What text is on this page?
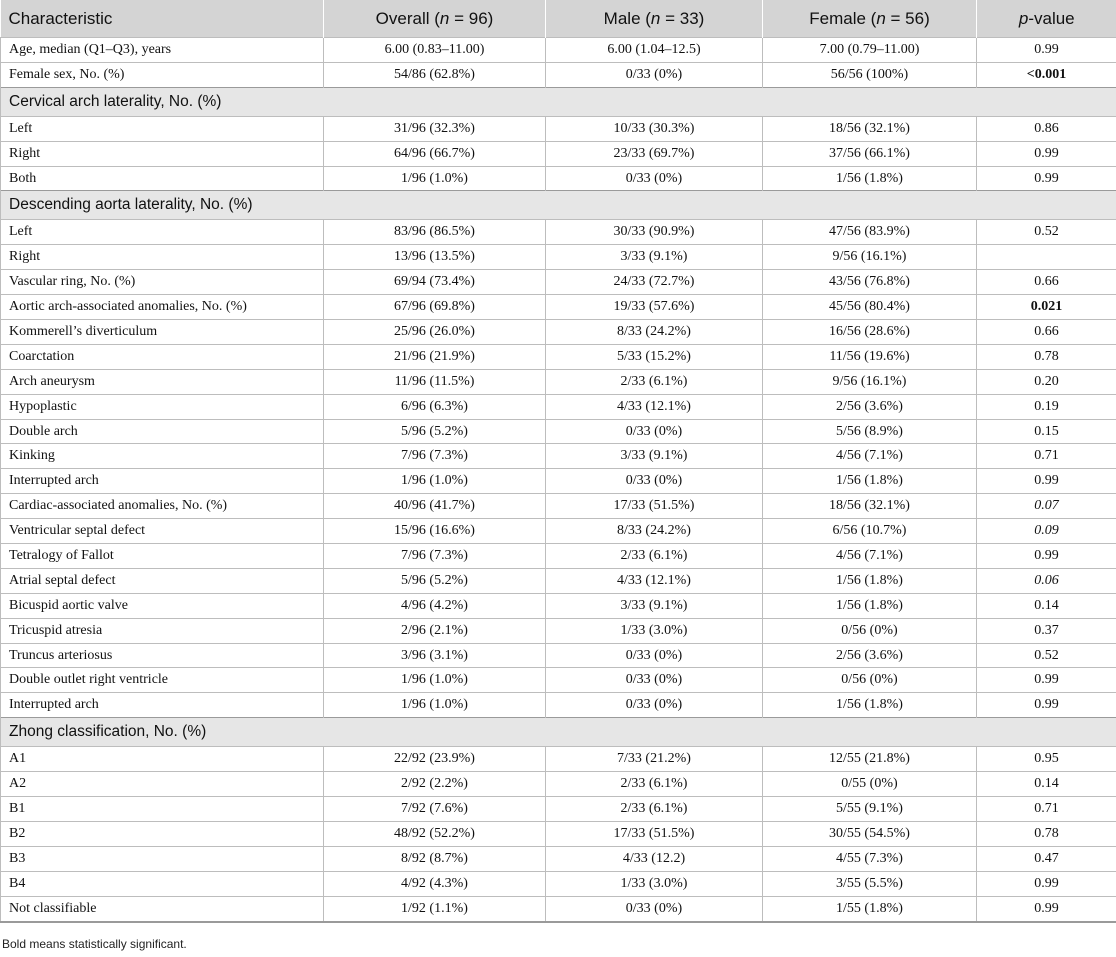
Characteristic	Overall (n = 96)	Male (n = 33)	Female (n = 56)	p-value
Age, median (Q1–Q3), years	6.00 (0.83–11.00)	6.00 (1.04–12.5)	7.00 (0.79–11.00)	0.99
Female sex, No. (%)	54/86 (62.8%)	0/33 (0%)	56/56 (100%)	<0.001
Cervical arch laterality, No. (%)				
Left	31/96 (32.3%)	10/33 (30.3%)	18/56 (32.1%)	0.86
Right	64/96 (66.7%)	23/33 (69.7%)	37/56 (66.1%)	0.99
Both	1/96 (1.0%)	0/33 (0%)	1/56 (1.8%)	0.99
Descending aorta laterality, No. (%)				
Left	83/96 (86.5%)	30/33 (90.9%)	47/56 (83.9%)	0.52
Right	13/96 (13.5%)	3/33 (9.1%)	9/56 (16.1%)	
Vascular ring, No. (%)	69/94 (73.4%)	24/33 (72.7%)	43/56 (76.8%)	0.66
Aortic arch-associated anomalies, No. (%)	67/96 (69.8%)	19/33 (57.6%)	45/56 (80.4%)	0.021
Kommerell’s diverticulum	25/96 (26.0%)	8/33 (24.2%)	16/56 (28.6%)	0.66
Coarctation	21/96 (21.9%)	5/33 (15.2%)	11/56 (19.6%)	0.78
Arch aneurysm	11/96 (11.5%)	2/33 (6.1%)	9/56 (16.1%)	0.20
Hypoplastic	6/96 (6.3%)	4/33 (12.1%)	2/56 (3.6%)	0.19
Double arch	5/96 (5.2%)	0/33 (0%)	5/56 (8.9%)	0.15
Kinking	7/96 (7.3%)	3/33 (9.1%)	4/56 (7.1%)	0.71
Interrupted arch	1/96 (1.0%)	0/33 (0%)	1/56 (1.8%)	0.99
Cardiac-associated anomalies, No. (%)	40/96 (41.7%)	17/33 (51.5%)	18/56 (32.1%)	0.07
Ventricular septal defect	15/96 (16.6%)	8/33 (24.2%)	6/56 (10.7%)	0.09
Tetralogy of Fallot	7/96 (7.3%)	2/33 (6.1%)	4/56 (7.1%)	0.99
Atrial septal defect	5/96 (5.2%)	4/33 (12.1%)	1/56 (1.8%)	0.06
Bicuspid aortic valve	4/96 (4.2%)	3/33 (9.1%)	1/56 (1.8%)	0.14
Tricuspid atresia	2/96 (2.1%)	1/33 (3.0%)	0/56 (0%)	0.37
Truncus arteriosus	3/96 (3.1%)	0/33 (0%)	2/56 (3.6%)	0.52
Double outlet right ventricle	1/96 (1.0%)	0/33 (0%)	0/56 (0%)	0.99
Interrupted arch	1/96 (1.0%)	0/33 (0%)	1/56 (1.8%)	0.99
Zhong classification, No. (%)				
A1	22/92 (23.9%)	7/33 (21.2%)	12/55 (21.8%)	0.95
A2	2/92 (2.2%)	2/33 (6.1%)	0/55 (0%)	0.14
B1	7/92 (7.6%)	2/33 (6.1%)	5/55 (9.1%)	0.71
B2	48/92 (52.2%)	17/33 (51.5%)	30/55 (54.5%)	0.78
B3	8/92 (8.7%)	4/33 (12.2)	4/55 (7.3%)	0.47
B4	4/92 (4.3%)	1/33 (3.0%)	3/55 (5.5%)	0.99
Not classifiable	1/92 (1.1%)	0/33 (0%)	1/55 (1.8%)	0.99
Bold means statistically significant.
